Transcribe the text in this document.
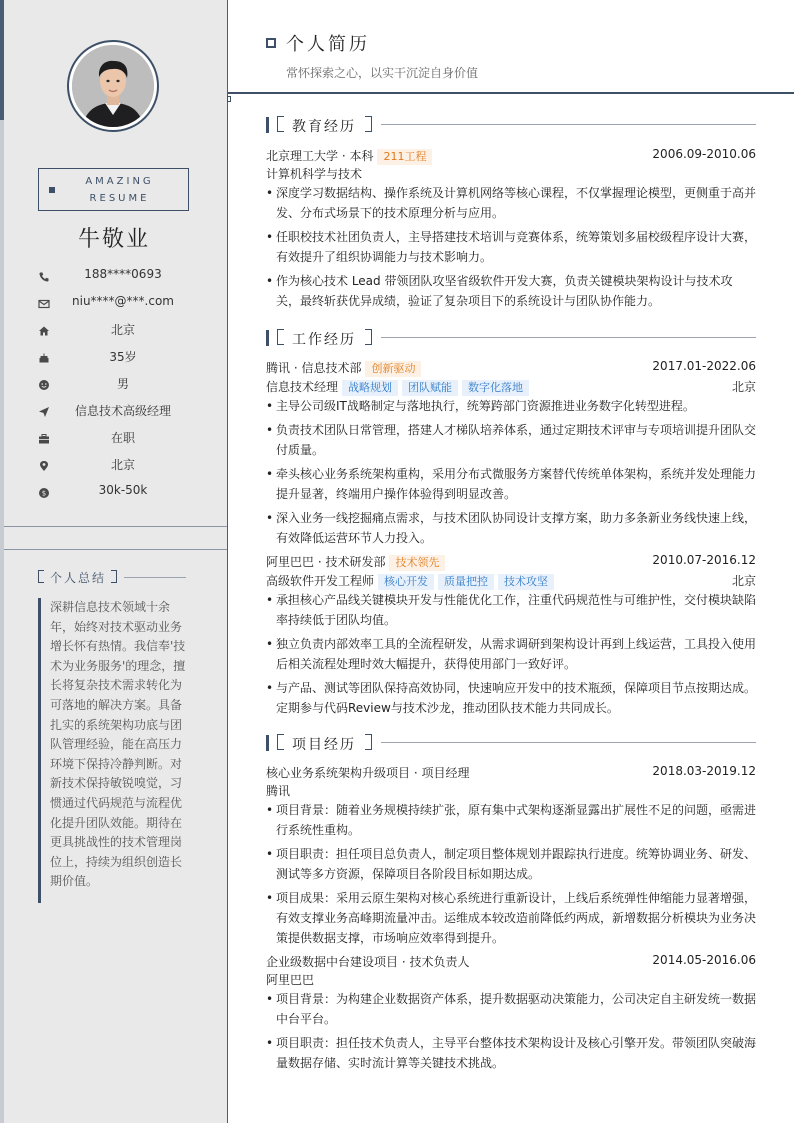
AMAZING
RESUME
牛敬业
188****0693
niu****@***.com
北京
35岁
男
信息技术高级经理
在职
北京
$	30k-50k
个人总结
深耕信息技术领域十余年，始终对技术驱动业务增长怀有热情。我信奉'技术为业务服务'的理念，擅长将复杂技术需求转化为可落地的解决方案。具备扎实的系统架构功底与团队管理经验，能在高压力环境下保持冷静判断。对新技术保持敏锐嗅觉，习惯通过代码规范与流程优化提升团队效能。期待在更具挑战性的技术管理岗位上，持续为组织创造长期价值。
个人简历
常怀探索之心，以实干沉淀自身价值
教育经历
北京理工大学 · 本科 211工程	2006.09-2010.06
计算机科学与技术
• 深度学习数据结构、操作系统及计算机网络等核心课程，不仅掌握理论模型，更侧重于高并发、分布式场景下的技术原理分析与应用。
• 任职校技术社团负责人，主导搭建技术培训与竞赛体系，统筹策划多届校级程序设计大赛，有效提升了组织协调能力与技术影响力。
• 作为核心技术 Lead 带领团队攻坚省级软件开发大赛，负责关键模块架构设计与技术攻关，最终斩获优异成绩，验证了复杂项目下的系统设计与团队协作能力。
工作经历
腾讯 · 信息技术部 创新驱动	2017.01-2022.06
信息技术经理 战略规划 团队赋能 数字化落地	北京
• 主导公司级IT战略制定与落地执行，统筹跨部门资源推进业务数字化转型进程。
• 负责技术团队日常管理，搭建人才梯队培养体系，通过定期技术评审与专项培训提升团队交付质量。
• 牵头核心业务系统架构重构，采用分布式微服务方案替代传统单体架构，系统并发处理能力提升显著，终端用户操作体验得到明显改善。
• 深入业务一线挖掘痛点需求，与技术团队协同设计支撑方案，助力多条新业务线快速上线，有效降低运营环节人力投入。
阿里巴巴 · 技术研发部 技术领先	2010.07-2016.12
高级软件开发工程师 核心开发 质量把控 技术攻坚	北京
• 承担核心产品线关键模块开发与性能优化工作，注重代码规范性与可维护性，交付模块缺陷率持续低于团队均值。
• 独立负责内部效率工具的全流程研发，从需求调研到架构设计再到上线运营，工具投入使用后相关流程处理时效大幅提升，获得使用部门一致好评。
• 与产品、测试等团队保持高效协同，快速响应开发中的技术瓶颈，保障项目节点按期达成。定期参与代码Review与技术沙龙，推动团队技术能力共同成长。
项目经历
核心业务系统架构升级项目 · 项目经理	2018.03-2019.12
腾讯
• 项目背景：随着业务规模持续扩张，原有集中式架构逐渐显露出扩展性不足的问题，亟需进行系统性重构。
• 项目职责：担任项目总负责人，制定项目整体规划并跟踪执行进度。统筹协调业务、研发、测试等多方资源，保障项目各阶段目标如期达成。
• 项目成果：采用云原生架构对核心系统进行重新设计，上线后系统弹性伸缩能力显著增强，有效支撑业务高峰期流量冲击。运维成本较改造前降低约两成，新增数据分析模块为业务决策提供数据支撑，市场响应效率得到提升。
企业级数据中台建设项目 · 技术负责人	2014.05-2016.06
阿里巴巴
• 项目背景：为构建企业数据资产体系，提升数据驱动决策能力，公司决定自主研发统一数据中台平台。
• 项目职责：担任技术负责人，主导平台整体技术架构设计及核心引擎开发。带领团队突破海量数据存储、实时流计算等关键技术挑战。
